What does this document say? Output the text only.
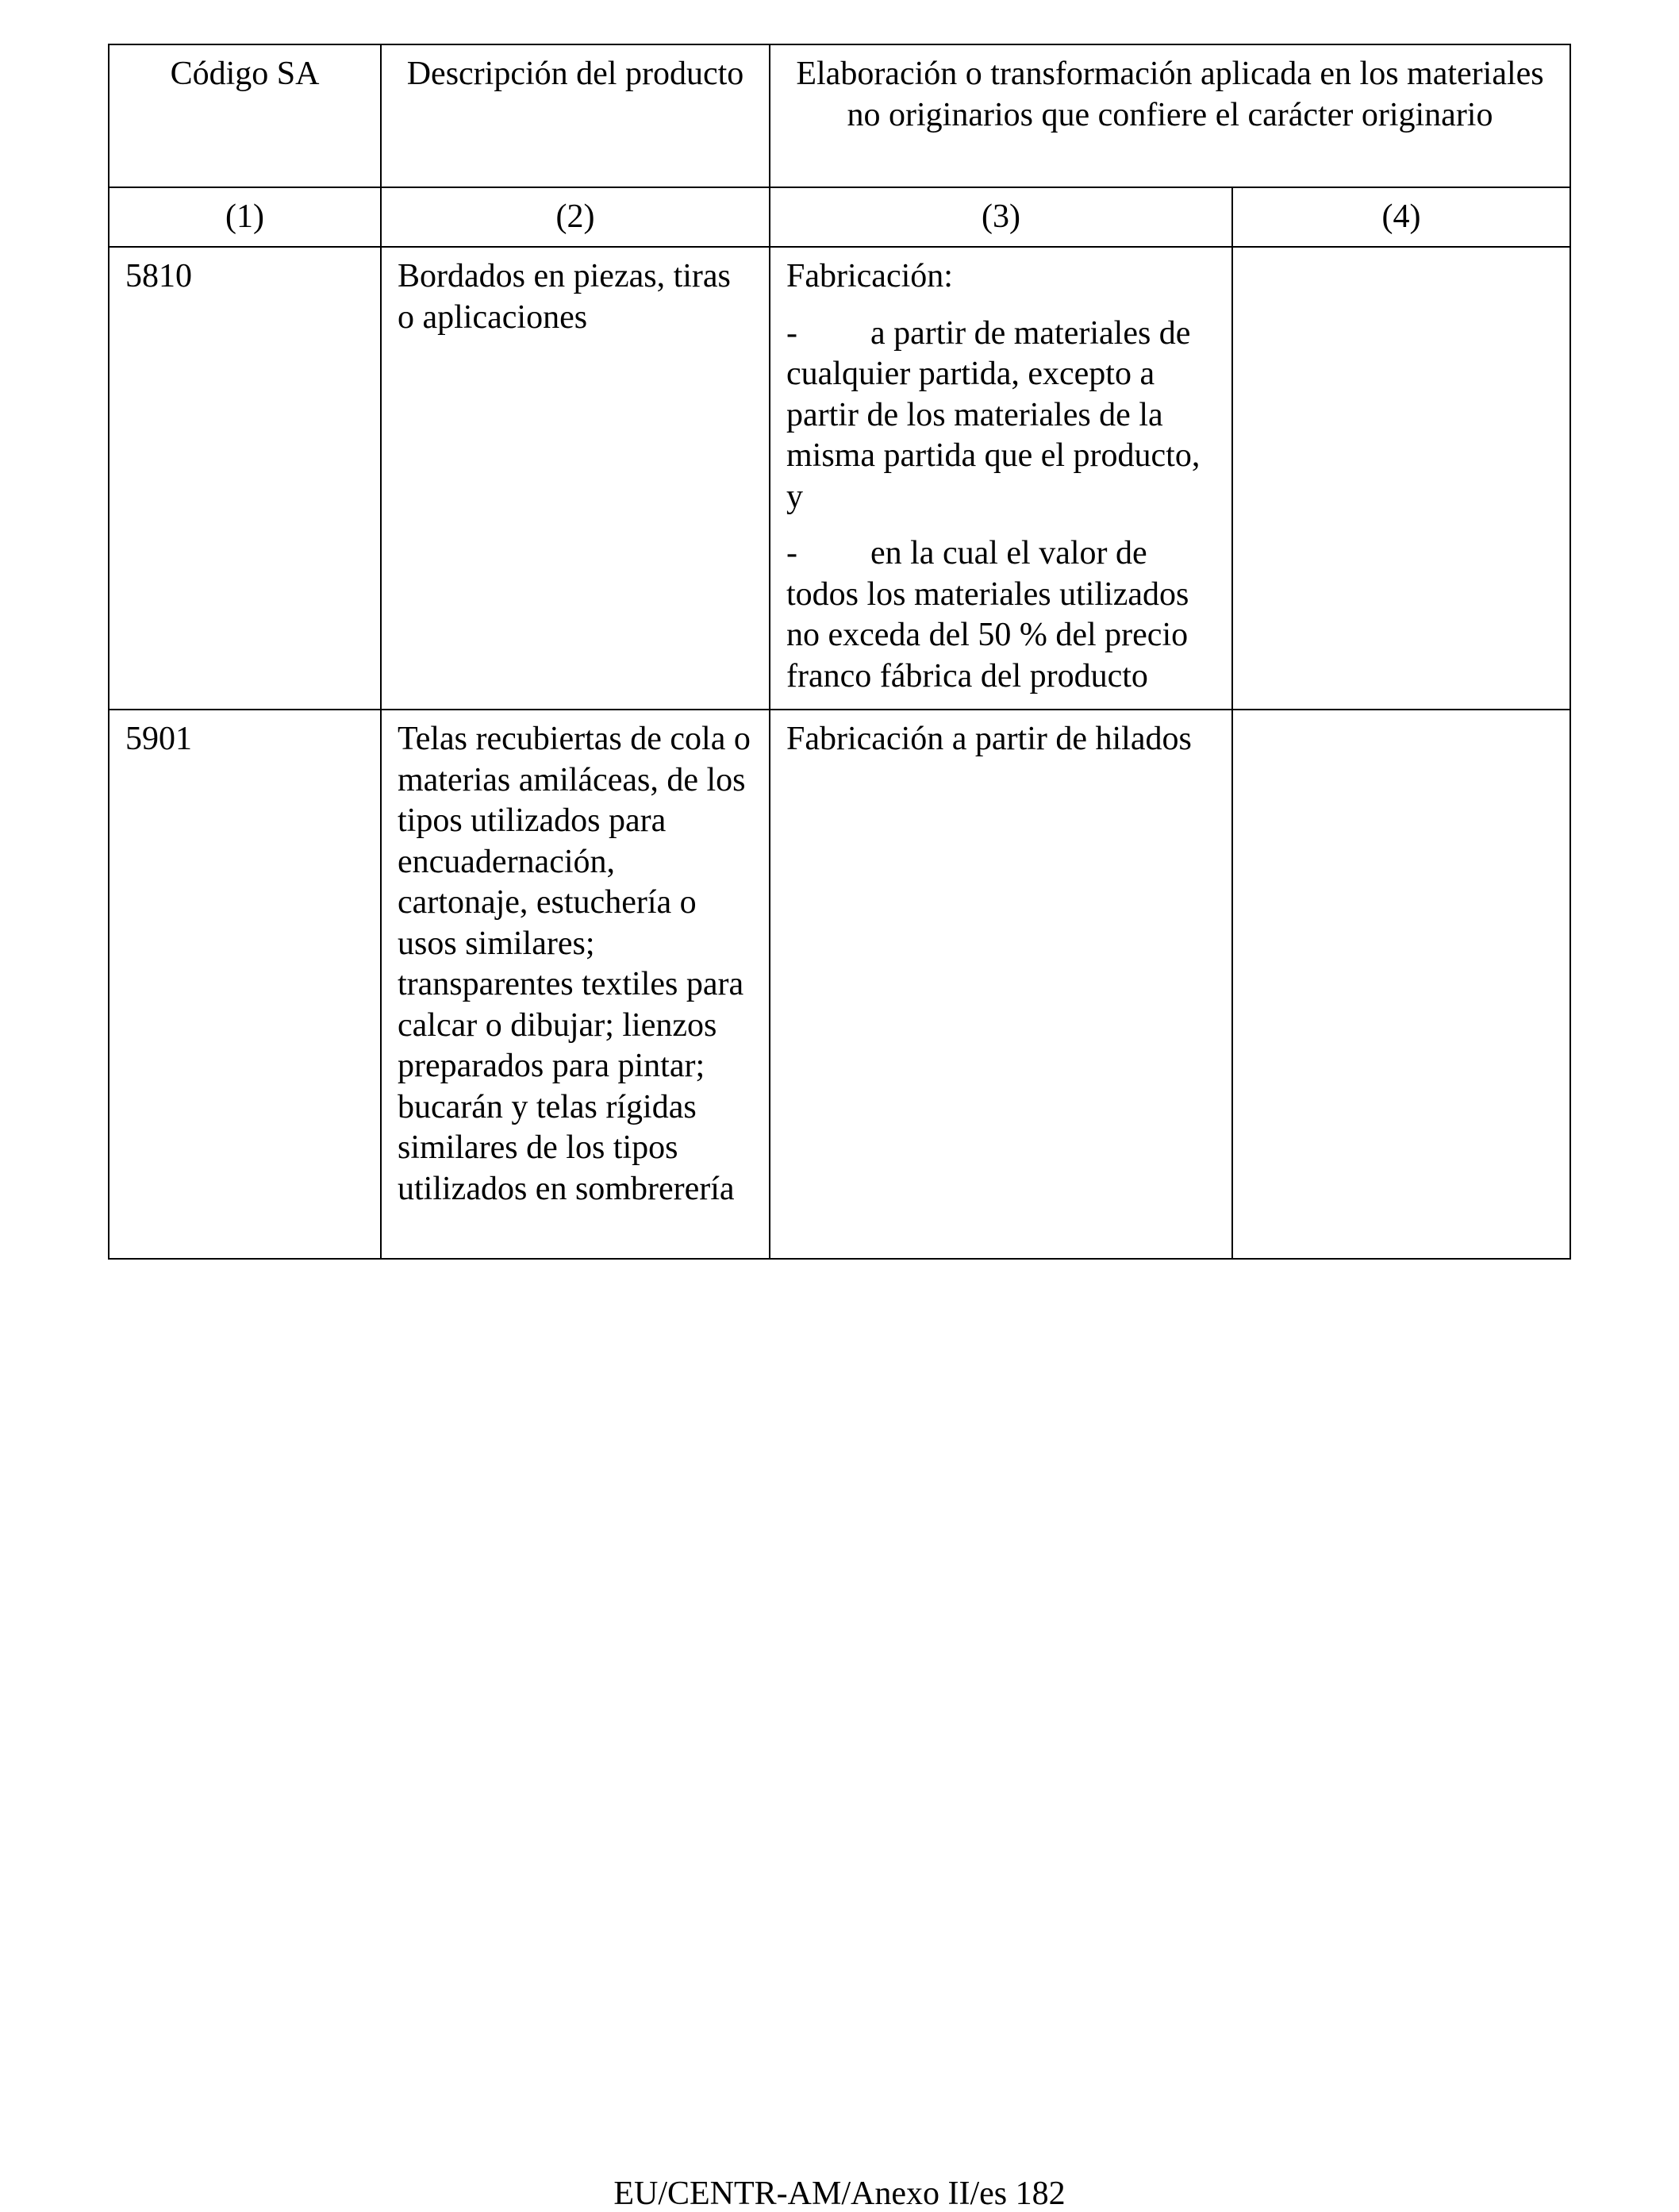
Código SA	Descripción del producto	Elaboración o transformación aplicada en los materiales no originarios que confiere el carácter originario	
(1)	(2)	(3)	(4)

5810	Bordados en piezas, tiras o aplicaciones	Fabricación:
- a partir de materiales de cualquier partida, excepto a partir de los materiales de la misma partida que el producto, y
- en la cual el valor de todos los materiales utilizados no exceda del 50 % del precio franco fábrica del producto	

5901	Telas recubiertas de cola o materias amiláceas, de los tipos utilizados para encuadernación, cartonaje, estuchería o usos similares; transparentes textiles para calcar o dibujar; lienzos preparados para pintar; bucarán y telas rígidas similares de los tipos utilizados en sombrerería	Fabricación a partir de hilados	

EU/CENTR-AM/Anexo II/es 182
